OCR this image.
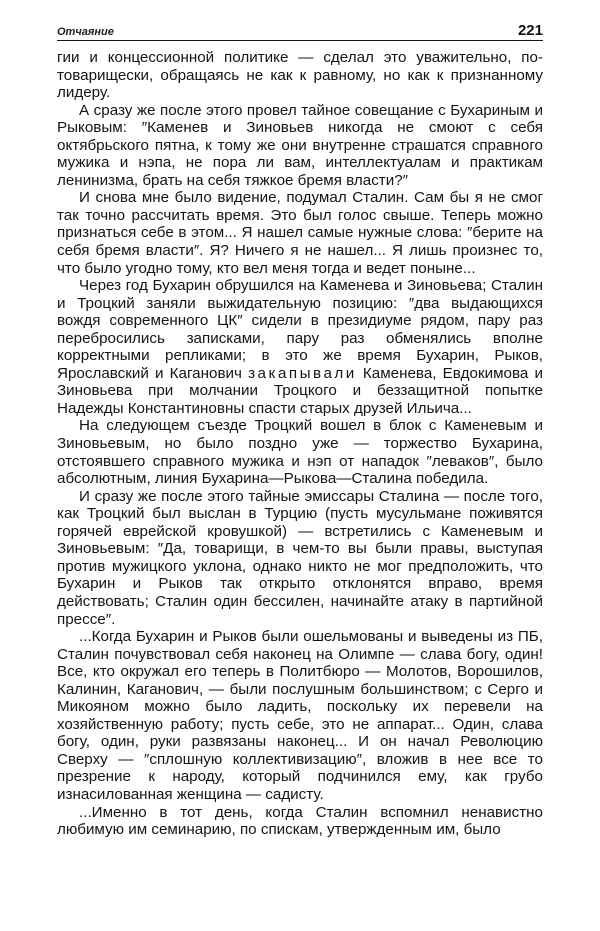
Отчаяние	221

гии и концессионной политике — сделал это уважительно, по-товарищески, обращаясь не как к равному, но как к признанному лидеру.

А сразу же после этого провел тайное совещание с Бухариным и Рыковым: ″Каменев и Зиновьев никогда не смоют с себя октябрьского пятна, к тому же они внутренне страшатся справного мужика и нэпа, не пора ли вам, интеллектуалам и практикам ленинизма, брать на себя тяжкое бремя власти?″

И снова мне было видение, подумал Сталин. Сам бы я не смог так точно рассчитать время. Это был голос свыше. Теперь можно признаться себе в этом... Я нашел самые нужные слова: ″берите на себя бремя власти″. Я? Ничего я не нашел... Я лишь произнес то, что было угодно тому, кто вел меня тогда и ведет поныне...

Через год Бухарин обрушился на Каменева и Зиновьева; Сталин и Троцкий заняли выжидательную позицию: ″два выдающихся вождя современного ЦК″ сидели в президиуме рядом, пару раз перебросились записками, пару раз обменялись вполне корректными репликами; в это же время Бухарин, Рыков, Ярославский и Каганович закапывали Каменева, Евдокимова и Зиновьева при молчании Троцкого и беззащитной попытке Надежды Константиновны спасти старых друзей Ильича...

На следующем съезде Троцкий вошел в блок с Каменевым и Зиновьевым, но было поздно уже — торжество Бухарина, отстоявшего справного мужика и нэп от нападок ″леваков″, было абсолютным, линия Бухарина—Рыкова—Сталина победила.

И сразу же после этого тайные эмиссары Сталина — после того, как Троцкий был выслан в Турцию (пусть мусульмане поживятся горячей еврейской кровушкой) — встретились с Каменевым и Зиновьевым: ″Да, товарищи, в чем-то вы были правы, выступая против мужицкого уклона, однако никто не мог предположить, что Бухарин и Рыков так открыто отклонятся вправо, время действовать; Сталин один бессилен, начинайте атаку в партийной прессе″.

...Когда Бухарин и Рыков были ошельмованы и выведены из ПБ, Сталин почувствовал себя наконец на Олимпе — слава богу, один! Все, кто окружал его теперь в Политбюро — Молотов, Ворошилов, Калинин, Каганович, — были послушным большинством; с Серго и Микояном можно было ладить, поскольку их перевели на хозяйственную работу; пусть себе, это не аппарат... Один, слава богу, один, руки развязаны наконец... И он начал Революцию Сверху — ″сплошную коллективизацию″, вложив в нее все то презрение к народу, который подчинился ему, как грубо изнасилованная женщина — садисту.

...Именно в тот день, когда Сталин вспомнил ненавистно любимую им семинарию, по спискам, утвержденным им, было
